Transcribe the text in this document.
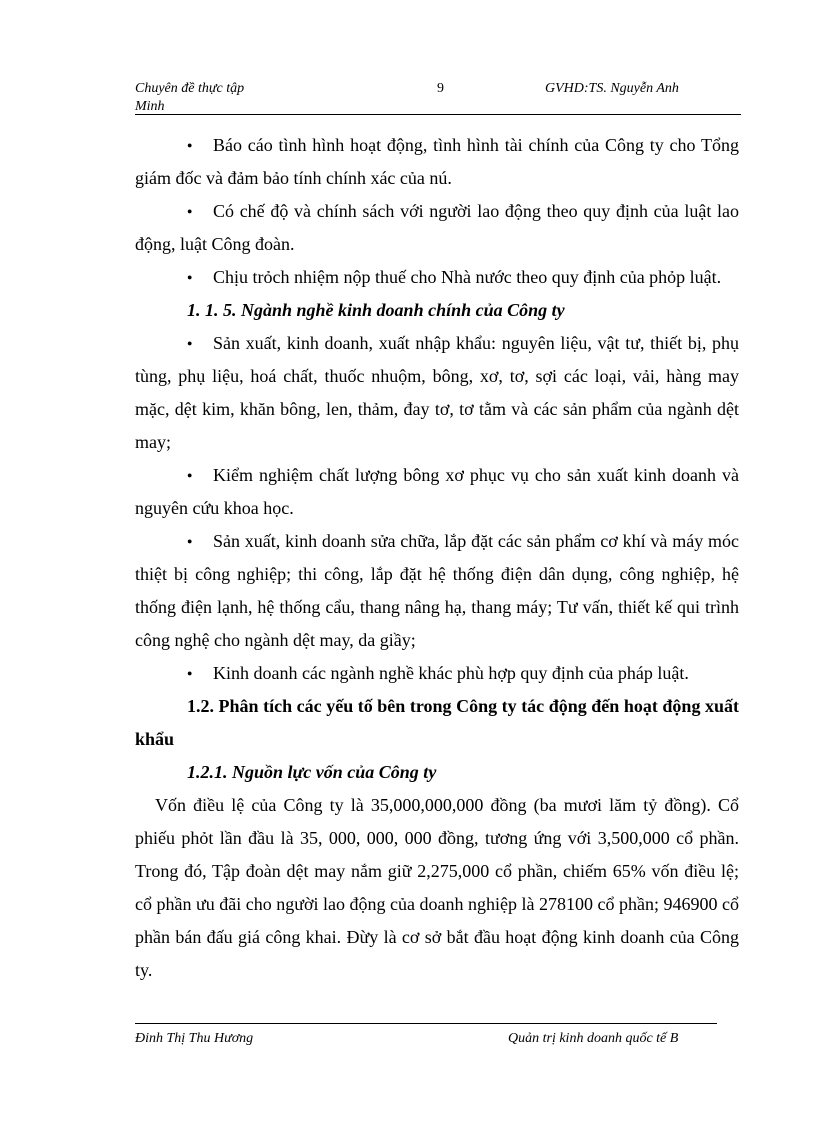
Chuyên đề thực tập
Minh
9	GVHD:TS. Nguyễn Anh

●Báo cáo tình hình hoạt động, tình hình tài chính của Công ty cho Tổng giám đốc và đảm bảo tính chính xác của nú.

●Có chế độ và chính sách với người lao động theo quy định của luật lao động, luật Công đoàn.

●Chịu trỏch nhiệm nộp thuế cho Nhà nước theo quy định của phỏp luật.

1. 1. 5. Ngành nghề kinh doanh chính của Công ty

●Sản xuất, kinh doanh, xuất nhập khẩu: nguyên liệu, vật tư, thiết bị, phụ tùng, phụ liệu, hoá chất, thuốc nhuộm, bông, xơ, tơ, sợi các loại, vải, hàng may mặc, dệt kim, khăn bông, len, thảm, đay tơ, tơ tằm và các sản phẩm của ngành dệt may;

●Kiểm nghiệm chất lượng bông xơ phục vụ cho sản xuất kinh doanh và nguyên cứu khoa học.

●Sản xuất, kinh doanh sửa chữa, lắp đặt các sản phẩm cơ khí và máy móc thiệt bị công nghiệp; thi công, lắp đặt hệ thống điện dân dụng, công nghiệp, hệ thống điện lạnh, hệ thống cẩu, thang nâng hạ, thang máy; Tư vấn, thiết kế qui trình công nghệ cho ngành dệt may, da giầy;

●Kinh doanh các ngành nghề khác phù hợp quy định của pháp luật.

1.2. Phân tích các yếu tố bên trong Công ty tác động đến hoạt động xuất khẩu

1.2.1. Nguồn lực vốn của Công ty

Vốn điều lệ của Công ty là 35,000,000,000 đồng (ba mươi lăm tỷ đồng). Cổ phiếu phỏt lần đầu là 35, 000, 000, 000 đồng, tương ứng với 3,500,000 cổ phần. Trong đó, Tập đoàn dệt may nắm giữ 2,275,000 cổ phần, chiếm 65% vốn điều lệ; cổ phần ưu đãi cho người lao động của doanh nghiệp là 278100 cổ phần; 946900 cổ phần bán đấu giá công khai. Đừy là cơ sở bắt đầu hoạt động kinh doanh của Công ty.

Đinh Thị Thu Hương	Quản trị kinh doanh quốc tế B
